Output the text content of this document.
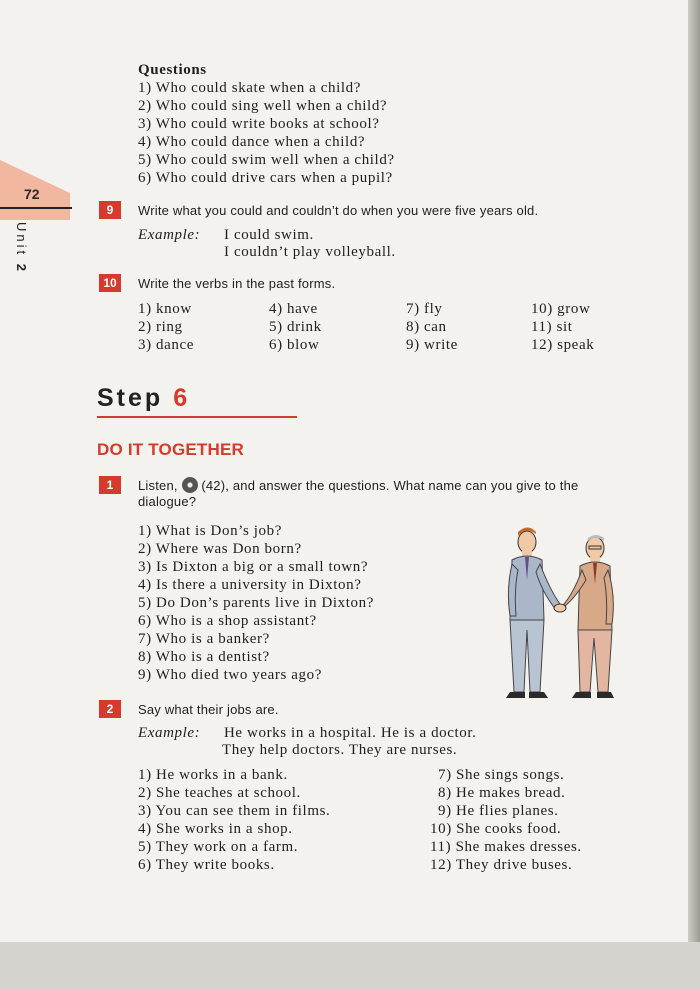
72
Unit 2
Questions
1) Who could skate when a child?
2) Who could sing well when a child?
3) Who could write books at school?
4) Who could dance when a child?
5) Who could swim well when a child?
6) Who could drive cars when a pupil?
9	Write what you could and couldn’t do when you were five years old.
Example: I could swim.
I couldn’t play volleyball.
10	Write the verbs in the past forms.
1) know	4) have	7) fly	10) grow
2) ring	5) drink	8) can	11) sit
3) dance	6) blow	9) write	12) speak
Step 6
DO IT TOGETHER
1	Listen, (42), and answer the questions. What name can you give to the
dialogue?
1) What is Don’s job?
2) Where was Don born?
3) Is Dixton a big or a small town?
4) Is there a university in Dixton?
5) Do Don’s parents live in Dixton?
6) Who is a shop assistant?
7) Who is a banker?
8) Who is a dentist?
9) Who died two years ago?
2	Say what their jobs are.
Example: He works in a hospital. He is a doctor.
They help doctors. They are nurses.
1) He works in a bank.
2) She teaches at school.
3) You can see them in films.
4) She works in a shop.
5) They work on a farm.
6) They write books.
7) She sings songs.
8) He makes bread.
9) He flies planes.
10) She cooks food.
11) She makes dresses.
12) They drive buses.
